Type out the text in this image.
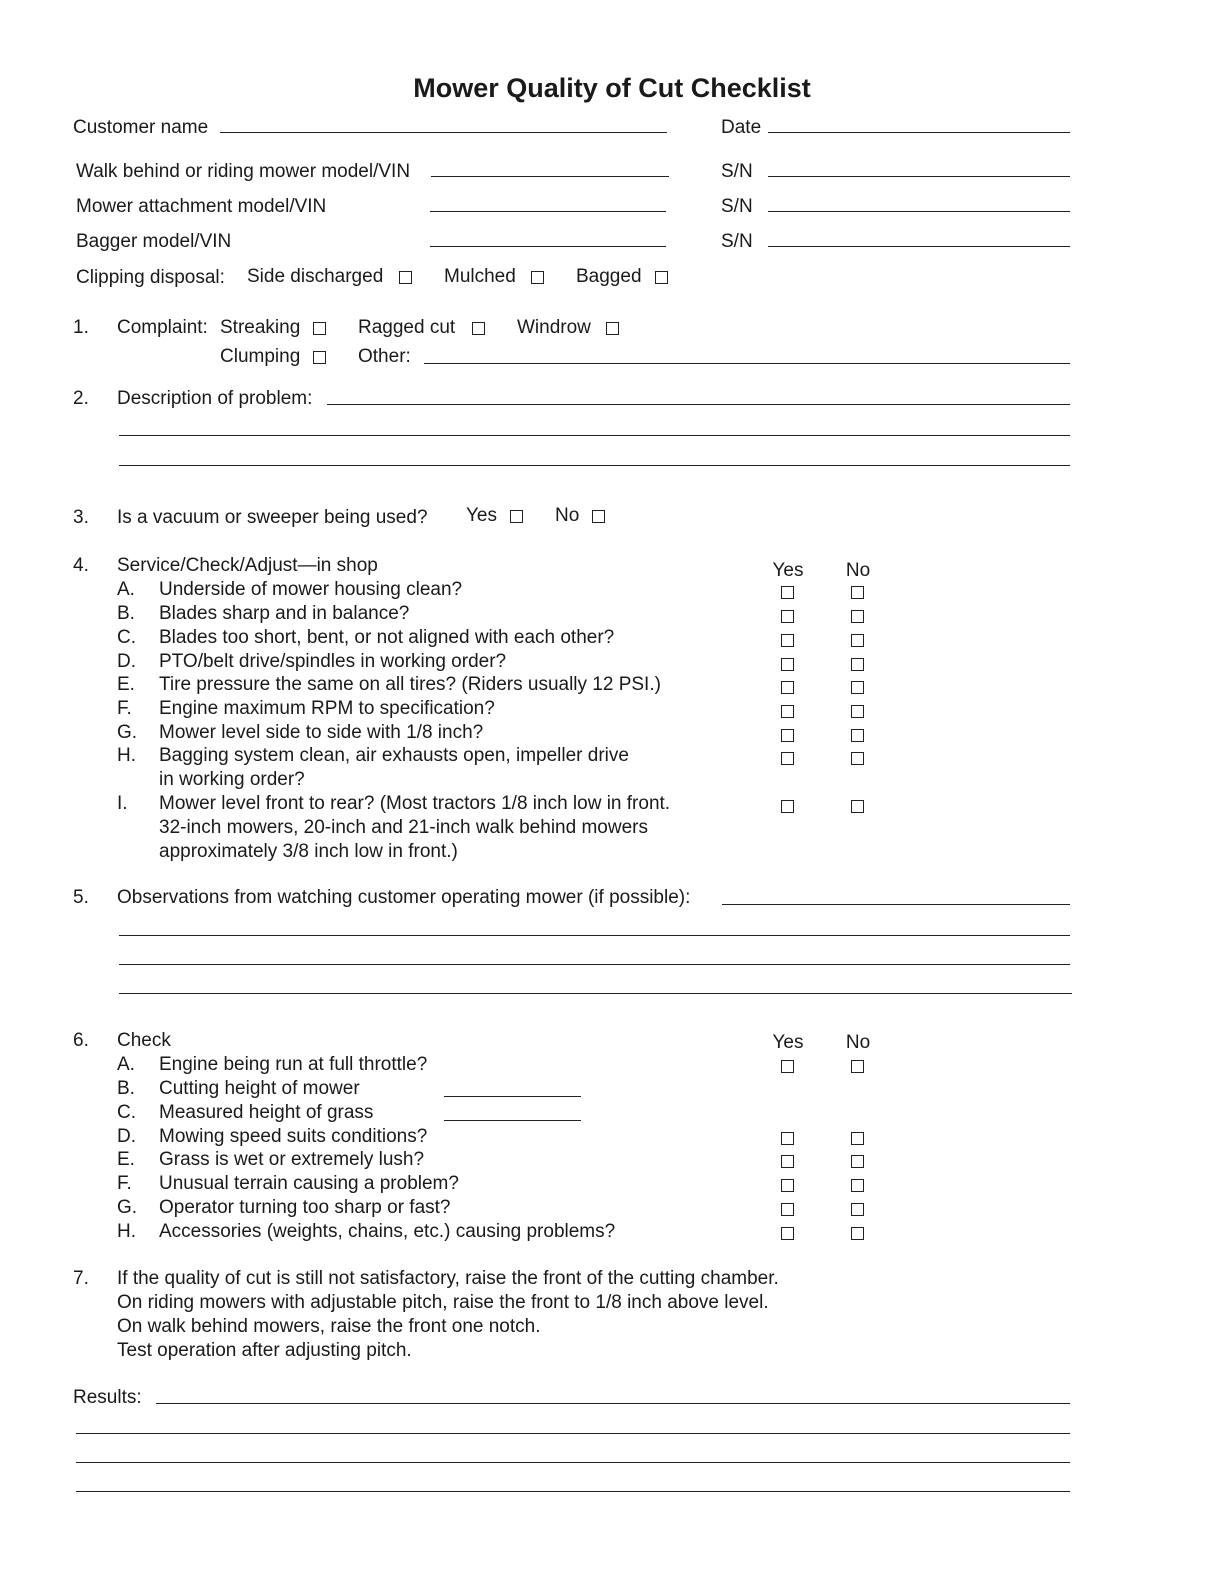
Mower Quality of Cut Checklist
Customer name	Date
Walk behind or riding mower model/VIN	S/N
Mower attachment model/VIN	S/N
Bagger model/VIN	S/N
Clipping disposal: Side discharged	Mulched	Bagged
1. Complaint: Streaking	Ragged cut	Windrow
Clumping	Other:
2. Description of problem:
3. Is a vacuum or sweeper being used? Yes	No
4. Service/Check/Adjust—in shop	Yes	No
A. Underside of mower housing clean?
B. Blades sharp and in balance?
C. Blades too short, bent, or not aligned with each other?
D. PTO/belt drive/spindles in working order?
E. Tire pressure the same on all tires? (Riders usually 12 PSI.)
F. Engine maximum RPM to specification?
G. Mower level side to side with 1/8 inch?
H. Bagging system clean, air exhausts open, impeller drive
in working order?
I. Mower level front to rear? (Most tractors 1/8 inch low in front.
32-inch mowers, 20-inch and 21-inch walk behind mowers
approximately 3/8 inch low in front.)
5. Observations from watching customer operating mower (if possible):
6. Check	Yes	No
A. Engine being run at full throttle?
B. Cutting height of mower
C. Measured height of grass
D. Mowing speed suits conditions?
E. Grass is wet or extremely lush?
F. Unusual terrain causing a problem?
G. Operator turning too sharp or fast?
H. Accessories (weights, chains, etc.) causing problems?
7. If the quality of cut is still not satisfactory, raise the front of the cutting chamber.
On riding mowers with adjustable pitch, raise the front to 1/8 inch above level.
On walk behind mowers, raise the front one notch.
Test operation after adjusting pitch.
Results:
